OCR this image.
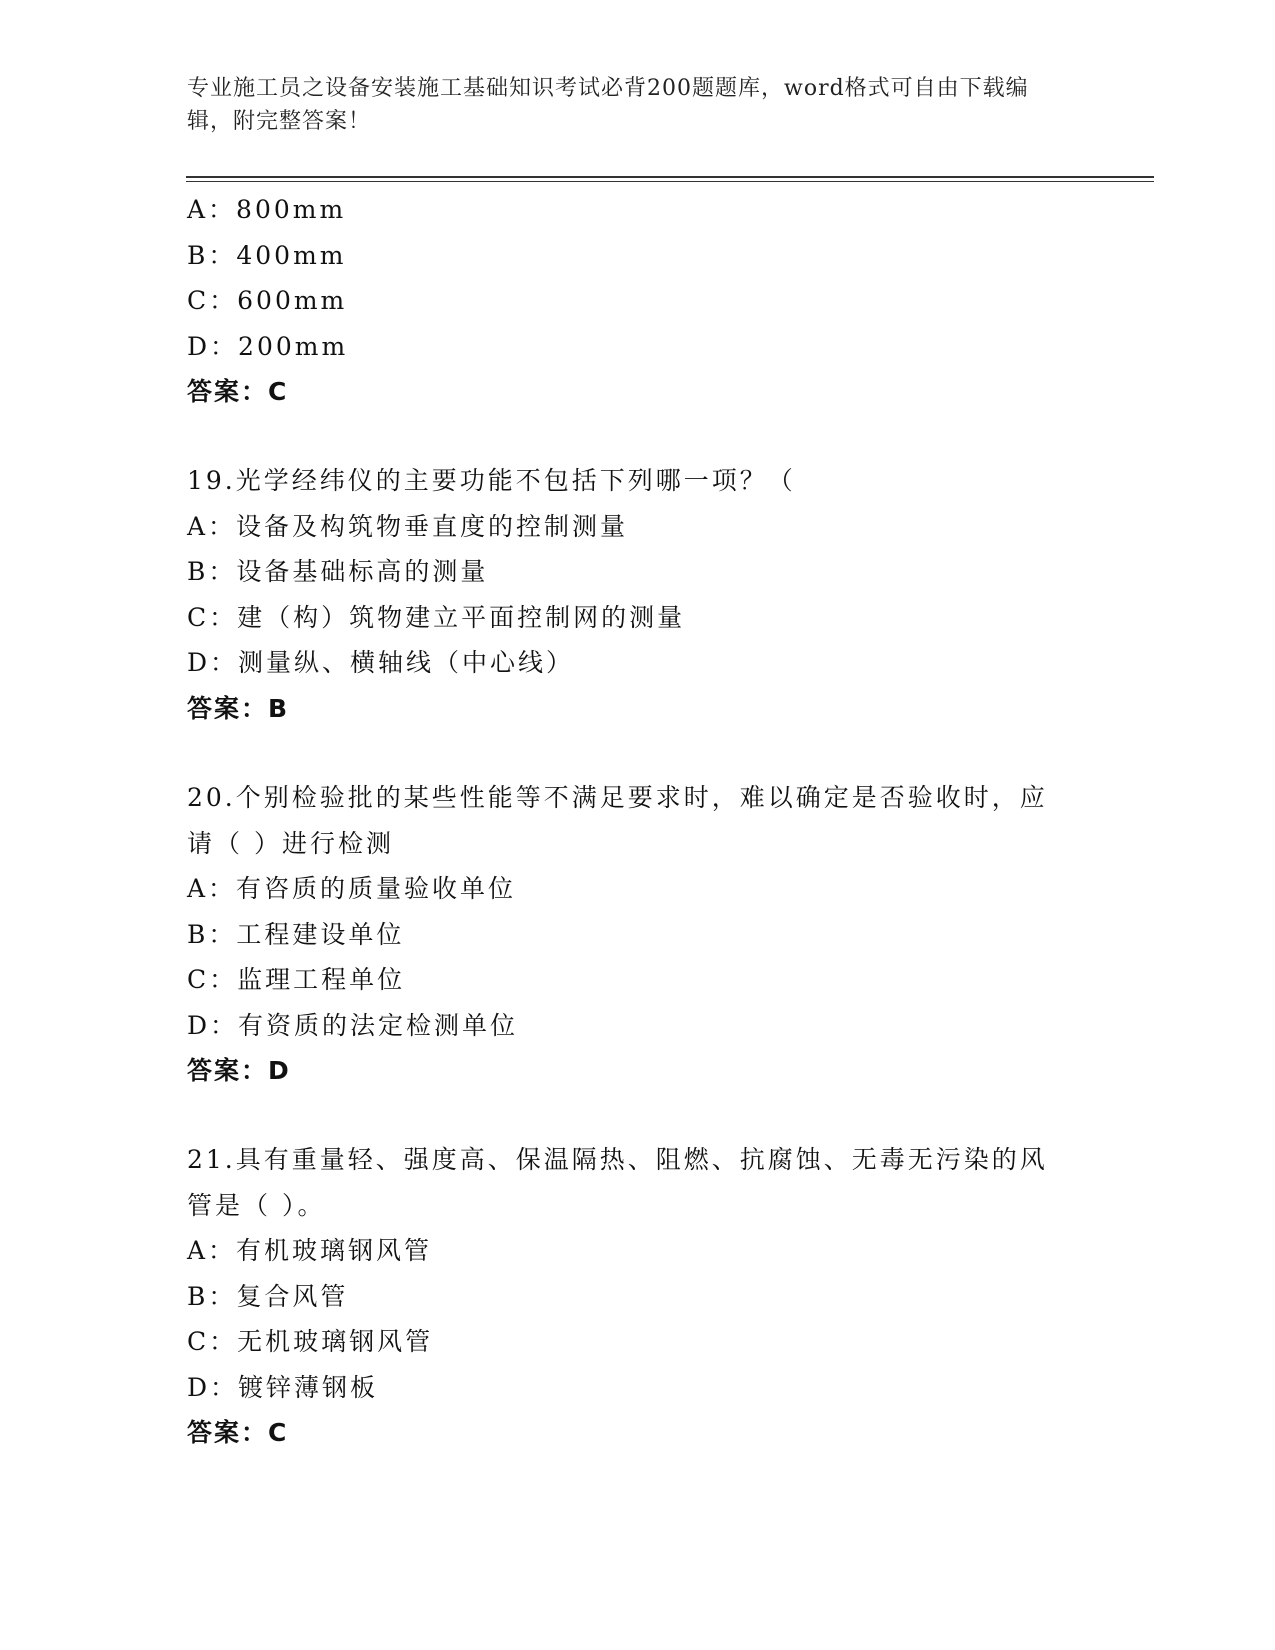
专业施工员之设备安装施工基础知识考试必背200题题库，word格式可自由下载编辑，附完整答案！
A：800mm
B：400mm
C：600mm
D：200mm
答案：C
19.光学经纬仪的主要功能不包括下列哪一项？（
A：设备及构筑物垂直度的控制测量
B：设备基础标高的测量
C：建（构）筑物建立平面控制网的测量
D：测量纵、横轴线（中心线）
答案：B
20.个别检验批的某些性能等不满足要求时，难以确定是否验收时，应请（ ）进行检测
A：有咨质的质量验收单位
B：工程建设单位
C：监理工程单位
D：有资质的法定检测单位
答案：D
21.具有重量轻、强度高、保温隔热、阻燃、抗腐蚀、无毒无污染的风管是（ ）。
A：有机玻璃钢风管
B：复合风管
C：无机玻璃钢风管
D：镀锌薄钢板
答案：C
